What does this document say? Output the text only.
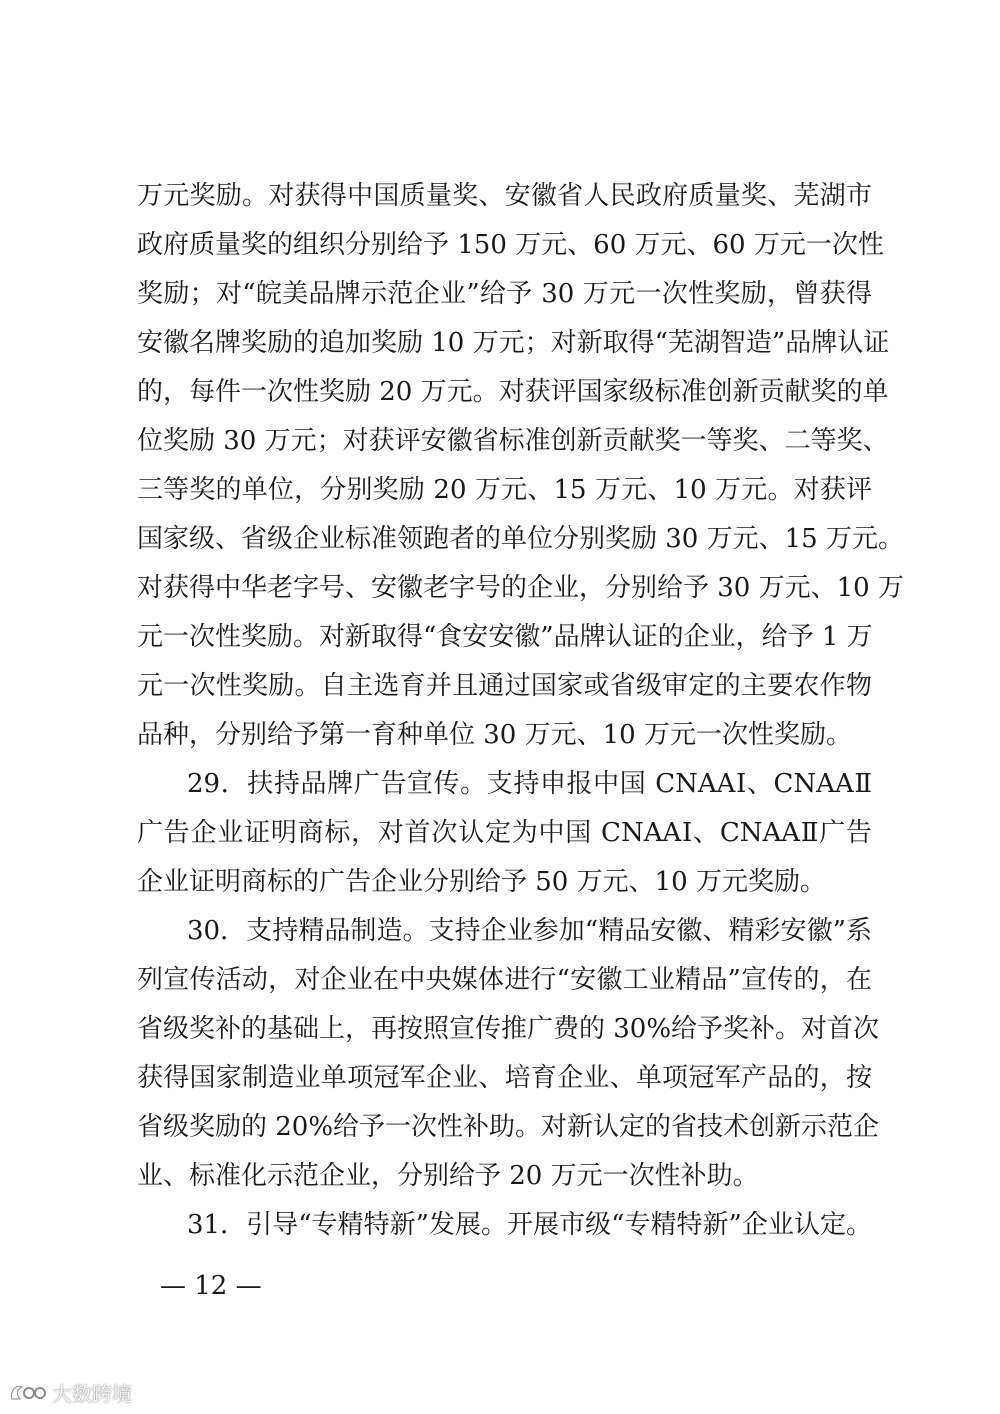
万元奖励。对获得中国质量奖、安徽省人民政府质量奖、芜湖市
政府质量奖的组织分别给予 150 万元、60 万元、60 万元一次性
奖励；对“皖美品牌示范企业”给予 30 万元一次性奖励，曾获得
安徽名牌奖励的追加奖励 10 万元；对新取得“芜湖智造”品牌认证
的，每件一次性奖励 20 万元。对获评国家级标准创新贡献奖的单
位奖励 30 万元；对获评安徽省标准创新贡献奖一等奖、二等奖、
三等奖的单位，分别奖励 20 万元、15 万元、10 万元。对获评
国家级、省级企业标准领跑者的单位分别奖励 30 万元、15 万元。
对获得中华老字号、安徽老字号的企业，分别给予 30 万元、10 万
元一次性奖励。对新取得“食安安徽”品牌认证的企业，给予 1 万
元一次性奖励。自主选育并且通过国家或省级审定的主要农作物
品种，分别给予第一育种单位 30 万元、10 万元一次性奖励。
29．扶持品牌广告宣传。支持申报中国 CNAAⅠ、CNAAⅡ
广告企业证明商标，对首次认定为中国 CNAAⅠ、CNAAⅡ广告
企业证明商标的广告企业分别给予 50 万元、10 万元奖励。
30．支持精品制造。支持企业参加“精品安徽、精彩安徽”系
列宣传活动，对企业在中央媒体进行“安徽工业精品”宣传的，在
省级奖补的基础上，再按照宣传推广费的 30%给予奖补。对首次
获得国家制造业单项冠军企业、培育企业、单项冠军产品的，按
省级奖励的 20%给予一次性补助。对新认定的省技术创新示范企
业、标准化示范企业，分别给予 20 万元一次性补助。
31．引导“专精特新”发展。开展市级“专精特新”企业认定。
— 12 —
大数跨境
